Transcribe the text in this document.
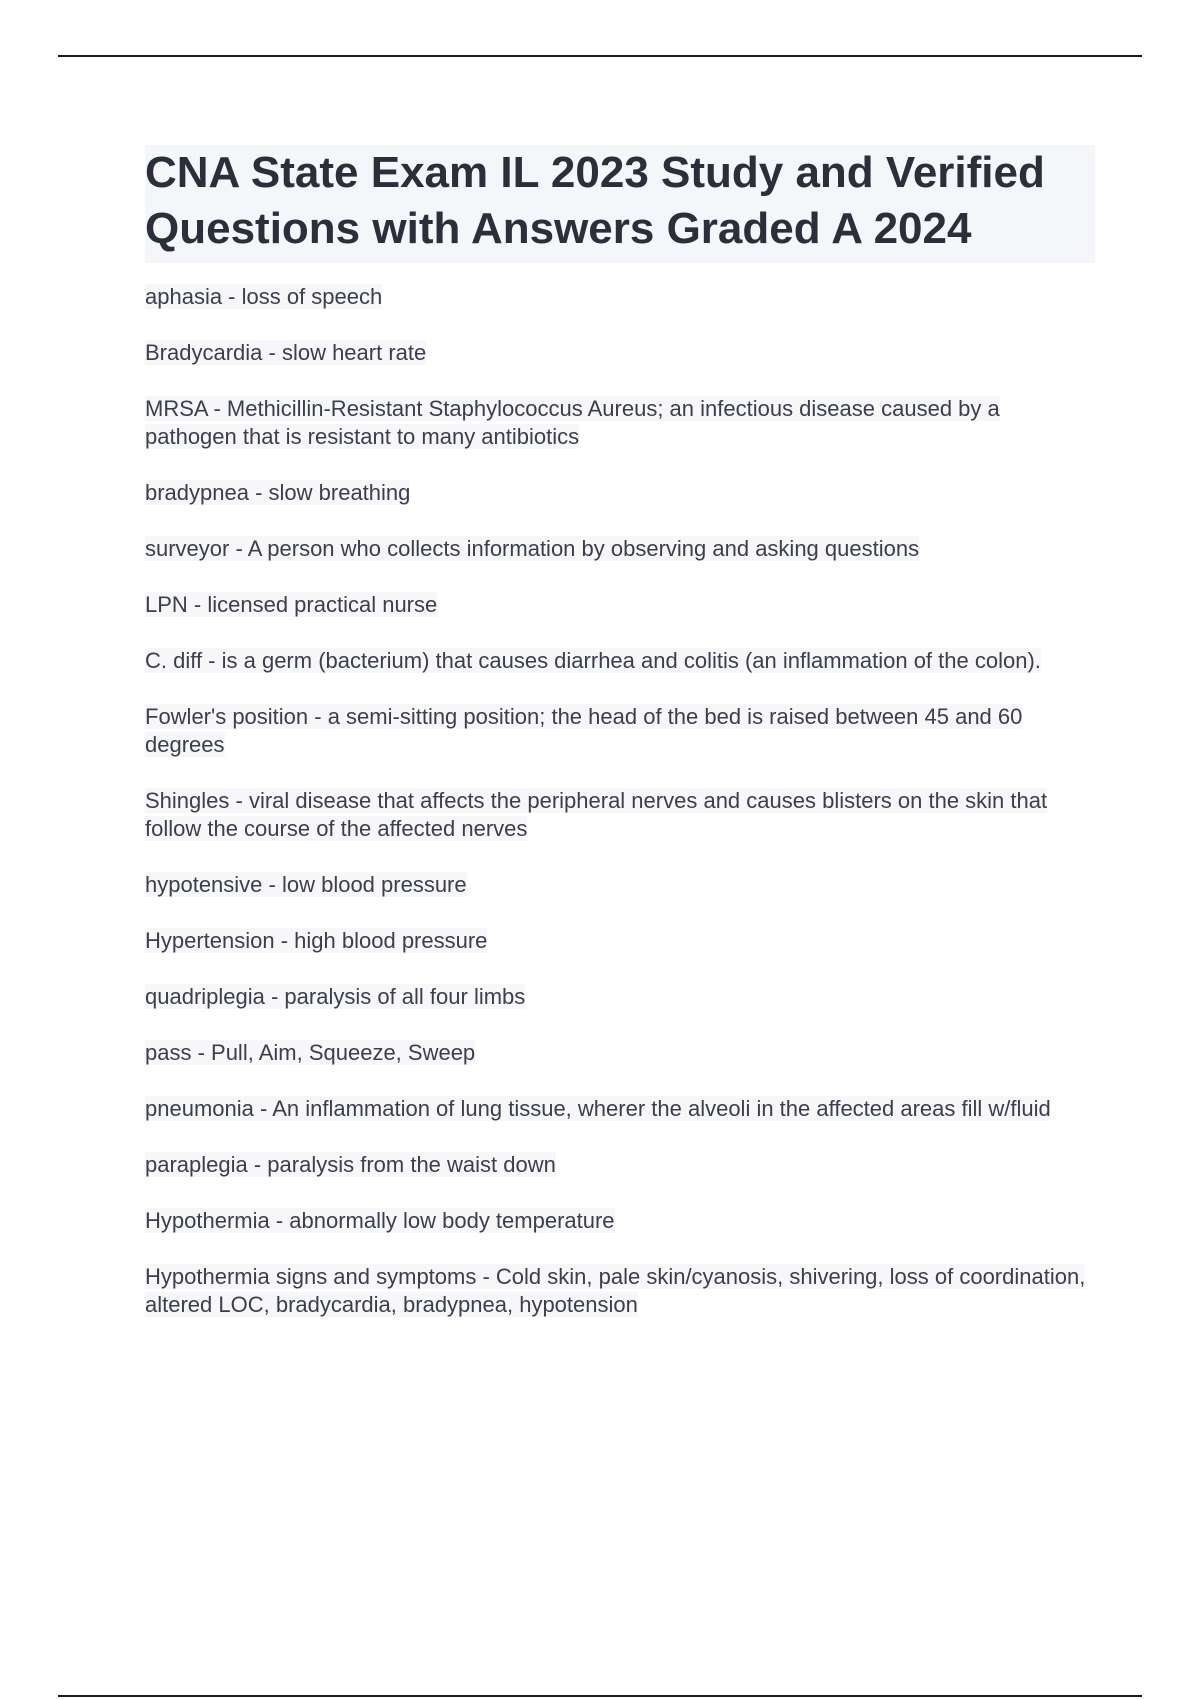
CNA State Exam IL 2023 Study and Verified Questions with Answers Graded A 2024

aphasia - loss of speech

Bradycardia - slow heart rate

MRSA - Methicillin-Resistant Staphylococcus Aureus; an infectious disease caused by a pathogen that is resistant to many antibiotics

bradypnea - slow breathing

surveyor - A person who collects information by observing and asking questions

LPN - licensed practical nurse

C. diff - is a germ (bacterium) that causes diarrhea and colitis (an inflammation of the colon).

Fowler's position - a semi-sitting position; the head of the bed is raised between 45 and 60 degrees

Shingles - viral disease that affects the peripheral nerves and causes blisters on the skin that follow the course of the affected nerves

hypotensive - low blood pressure

Hypertension - high blood pressure

quadriplegia - paralysis of all four limbs

pass - Pull, Aim, Squeeze, Sweep

pneumonia - An inflammation of lung tissue, wherer the alveoli in the affected areas fill w/fluid

paraplegia - paralysis from the waist down

Hypothermia - abnormally low body temperature

Hypothermia signs and symptoms - Cold skin, pale skin/cyanosis, shivering, loss of coordination, altered LOC, bradycardia, bradypnea, hypotension
